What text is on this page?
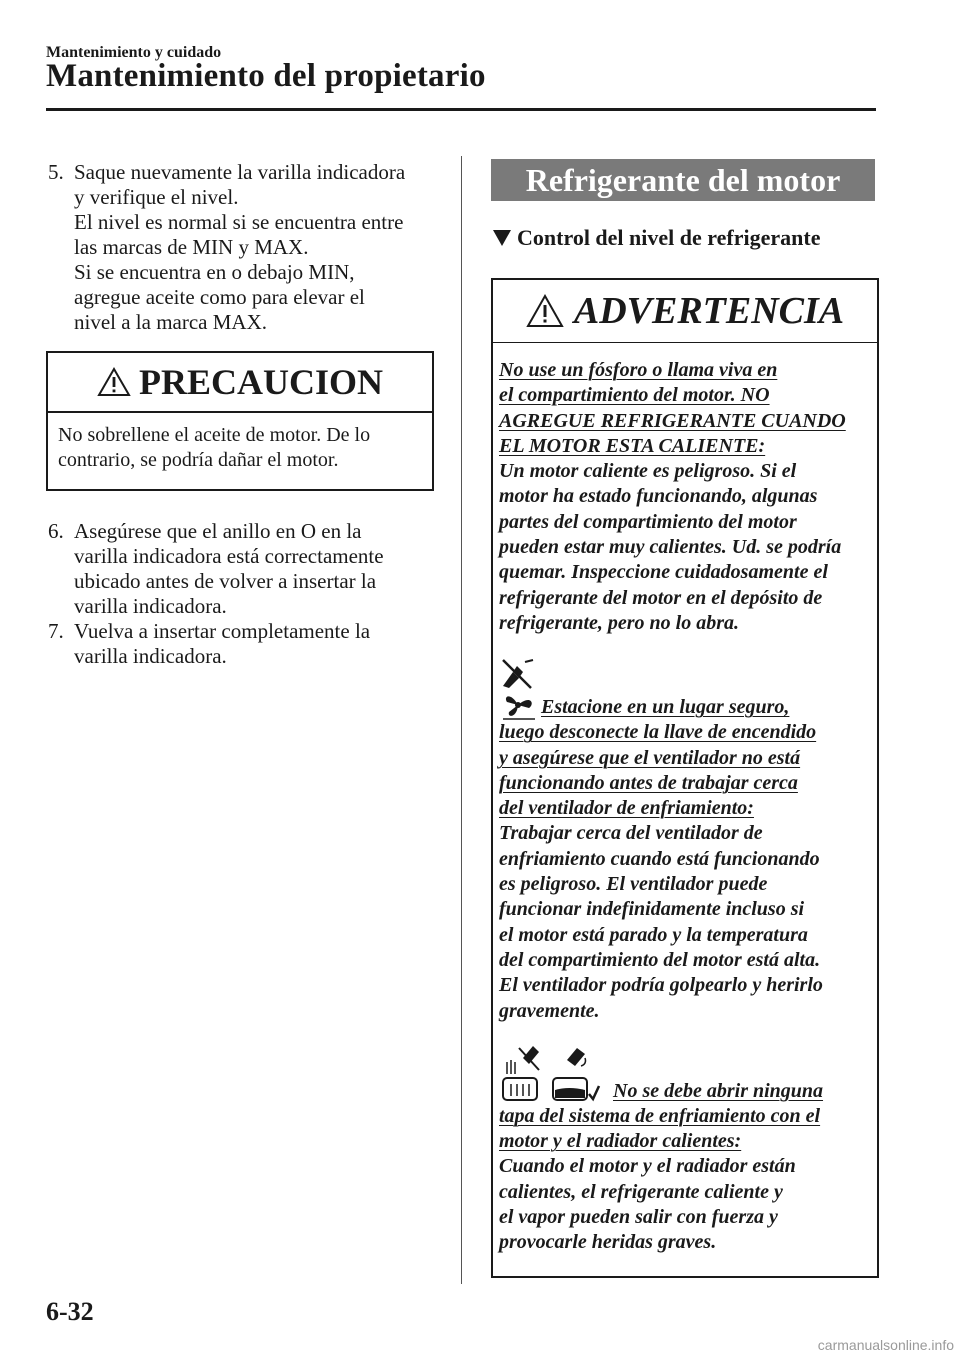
Mantenimiento y cuidado
Mantenimiento del propietario
5. Saque nuevamente la varilla indicadora
y verifique el nivel.
El nivel es normal si se encuentra entre
las marcas de MIN y MAX.
Si se encuentra en o debajo MIN,
agregue aceite como para elevar el
nivel a la marca MAX.
PRECAUCION
No sobrellene el aceite de motor. De lo
contrario, se podría dañar el motor.
6. Asegúrese que el anillo en O en la
varilla indicadora está correctamente
ubicado antes de volver a insertar la
varilla indicadora.
7. Vuelva a insertar completamente la
varilla indicadora.
Refrigerante del motor
Control del nivel de refrigerante
ADVERTENCIA
No use un fósforo o llama viva en
el compartimiento del motor. NO
AGREGUE REFRIGERANTE CUANDO
EL MOTOR ESTA CALIENTE:
Un motor caliente es peligroso. Si el
motor ha estado funcionando, algunas
partes del compartimiento del motor
pueden estar muy calientes. Ud. se podría
quemar. Inspeccione cuidadosamente el
refrigerante del motor en el depósito de
refrigerante, pero no lo abra.
Estacione en un lugar seguro,
luego desconecte la llave de encendido
y asegúrese que el ventilador no está
funcionando antes de trabajar cerca
del ventilador de enfriamiento:
Trabajar cerca del ventilador de
enfriamiento cuando está funcionando
es peligroso. El ventilador puede
funcionar indefinidamente incluso si
el motor está parado y la temperatura
del compartimiento del motor está alta.
El ventilador podría golpearlo y herirlo
gravemente.
No se debe abrir ninguna
tapa del sistema de enfriamiento con el
motor y el radiador calientes:
Cuando el motor y el radiador están
calientes, el refrigerante caliente y
el vapor pueden salir con fuerza y
provocarle heridas graves.
6-32
carmanualsonline.info
